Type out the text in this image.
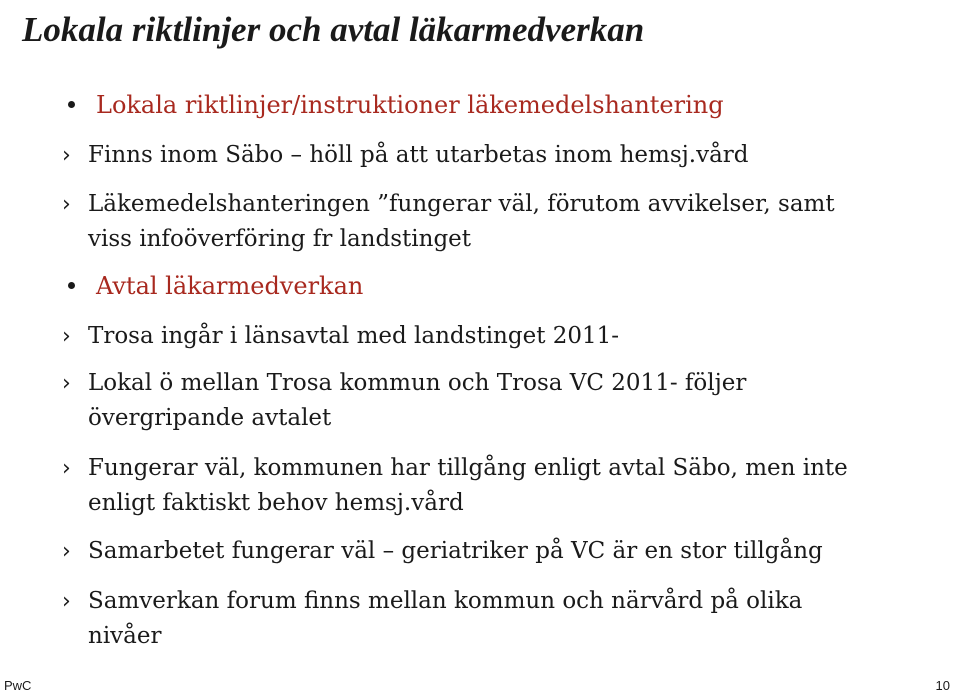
Lokala riktlinjer och avtal läkarmedverkan
Lokala riktlinjer/instruktioner läkemedelshantering
› Finns inom Säbo – höll på att utarbetas inom hemsj.vård
› Läkemedelshanteringen ”fungerar väl, förutom avvikelser, samt
viss infoöverföring fr landstinget
Avtal läkarmedverkan
› Trosa ingår i länsavtal med landstinget 2011-
› Lokal ö mellan Trosa kommun och Trosa VC 2011- följer
övergripande avtalet
› Fungerar väl, kommunen har tillgång enligt avtal Säbo, men inte
enligt faktiskt behov hemsj.vård
› Samarbetet fungerar väl – geriatriker på VC är en stor tillgång
› Samverkan forum finns mellan kommun och närvård på olika
nivåer
PwC	10
